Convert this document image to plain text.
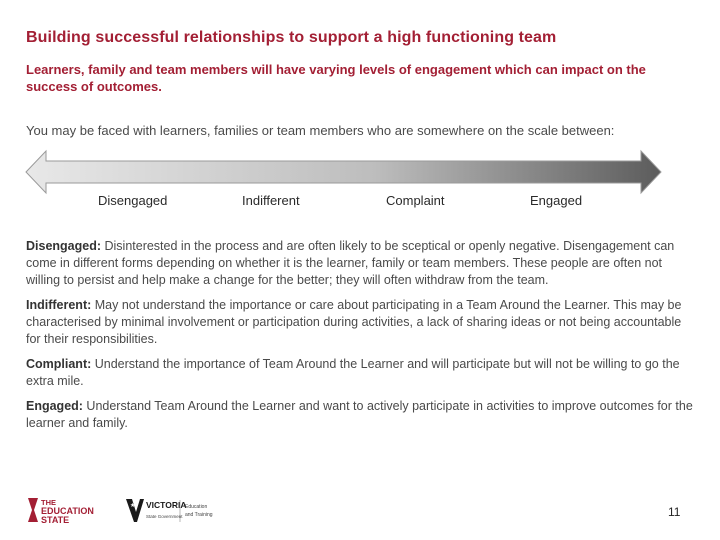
Building successful relationships to support a high functioning team
Learners, family and team members will have varying levels of engagement which can impact on the success of outcomes.
You may be faced with learners, families or team members who are somewhere on the scale between:
Disengaged	Indifferent	Complaint	Engaged
Disengaged: Disinterested in the process and are often likely to be sceptical or openly negative. Disengagement can come in different forms depending on whether it is the learner, family or team members. These people are often not willing to persist and help make a change for the better; they will often withdraw from the team.
Indifferent: May not understand the importance or care about participating in a Team Around the Learner. This may be characterised by minimal involvement or participation during activities, a lack of sharing ideas or not being accountable for their responsibilities.
Compliant: Understand the importance of Team Around the Learner and will participate but will not be willing to go the extra mile.
Engaged: Understand Team Around the Learner and want to actively participate in activities to improve outcomes for the learner and family.
THE
EDUCATION
STATE
★ VICTORIA
State Government
Education
and Training	11
